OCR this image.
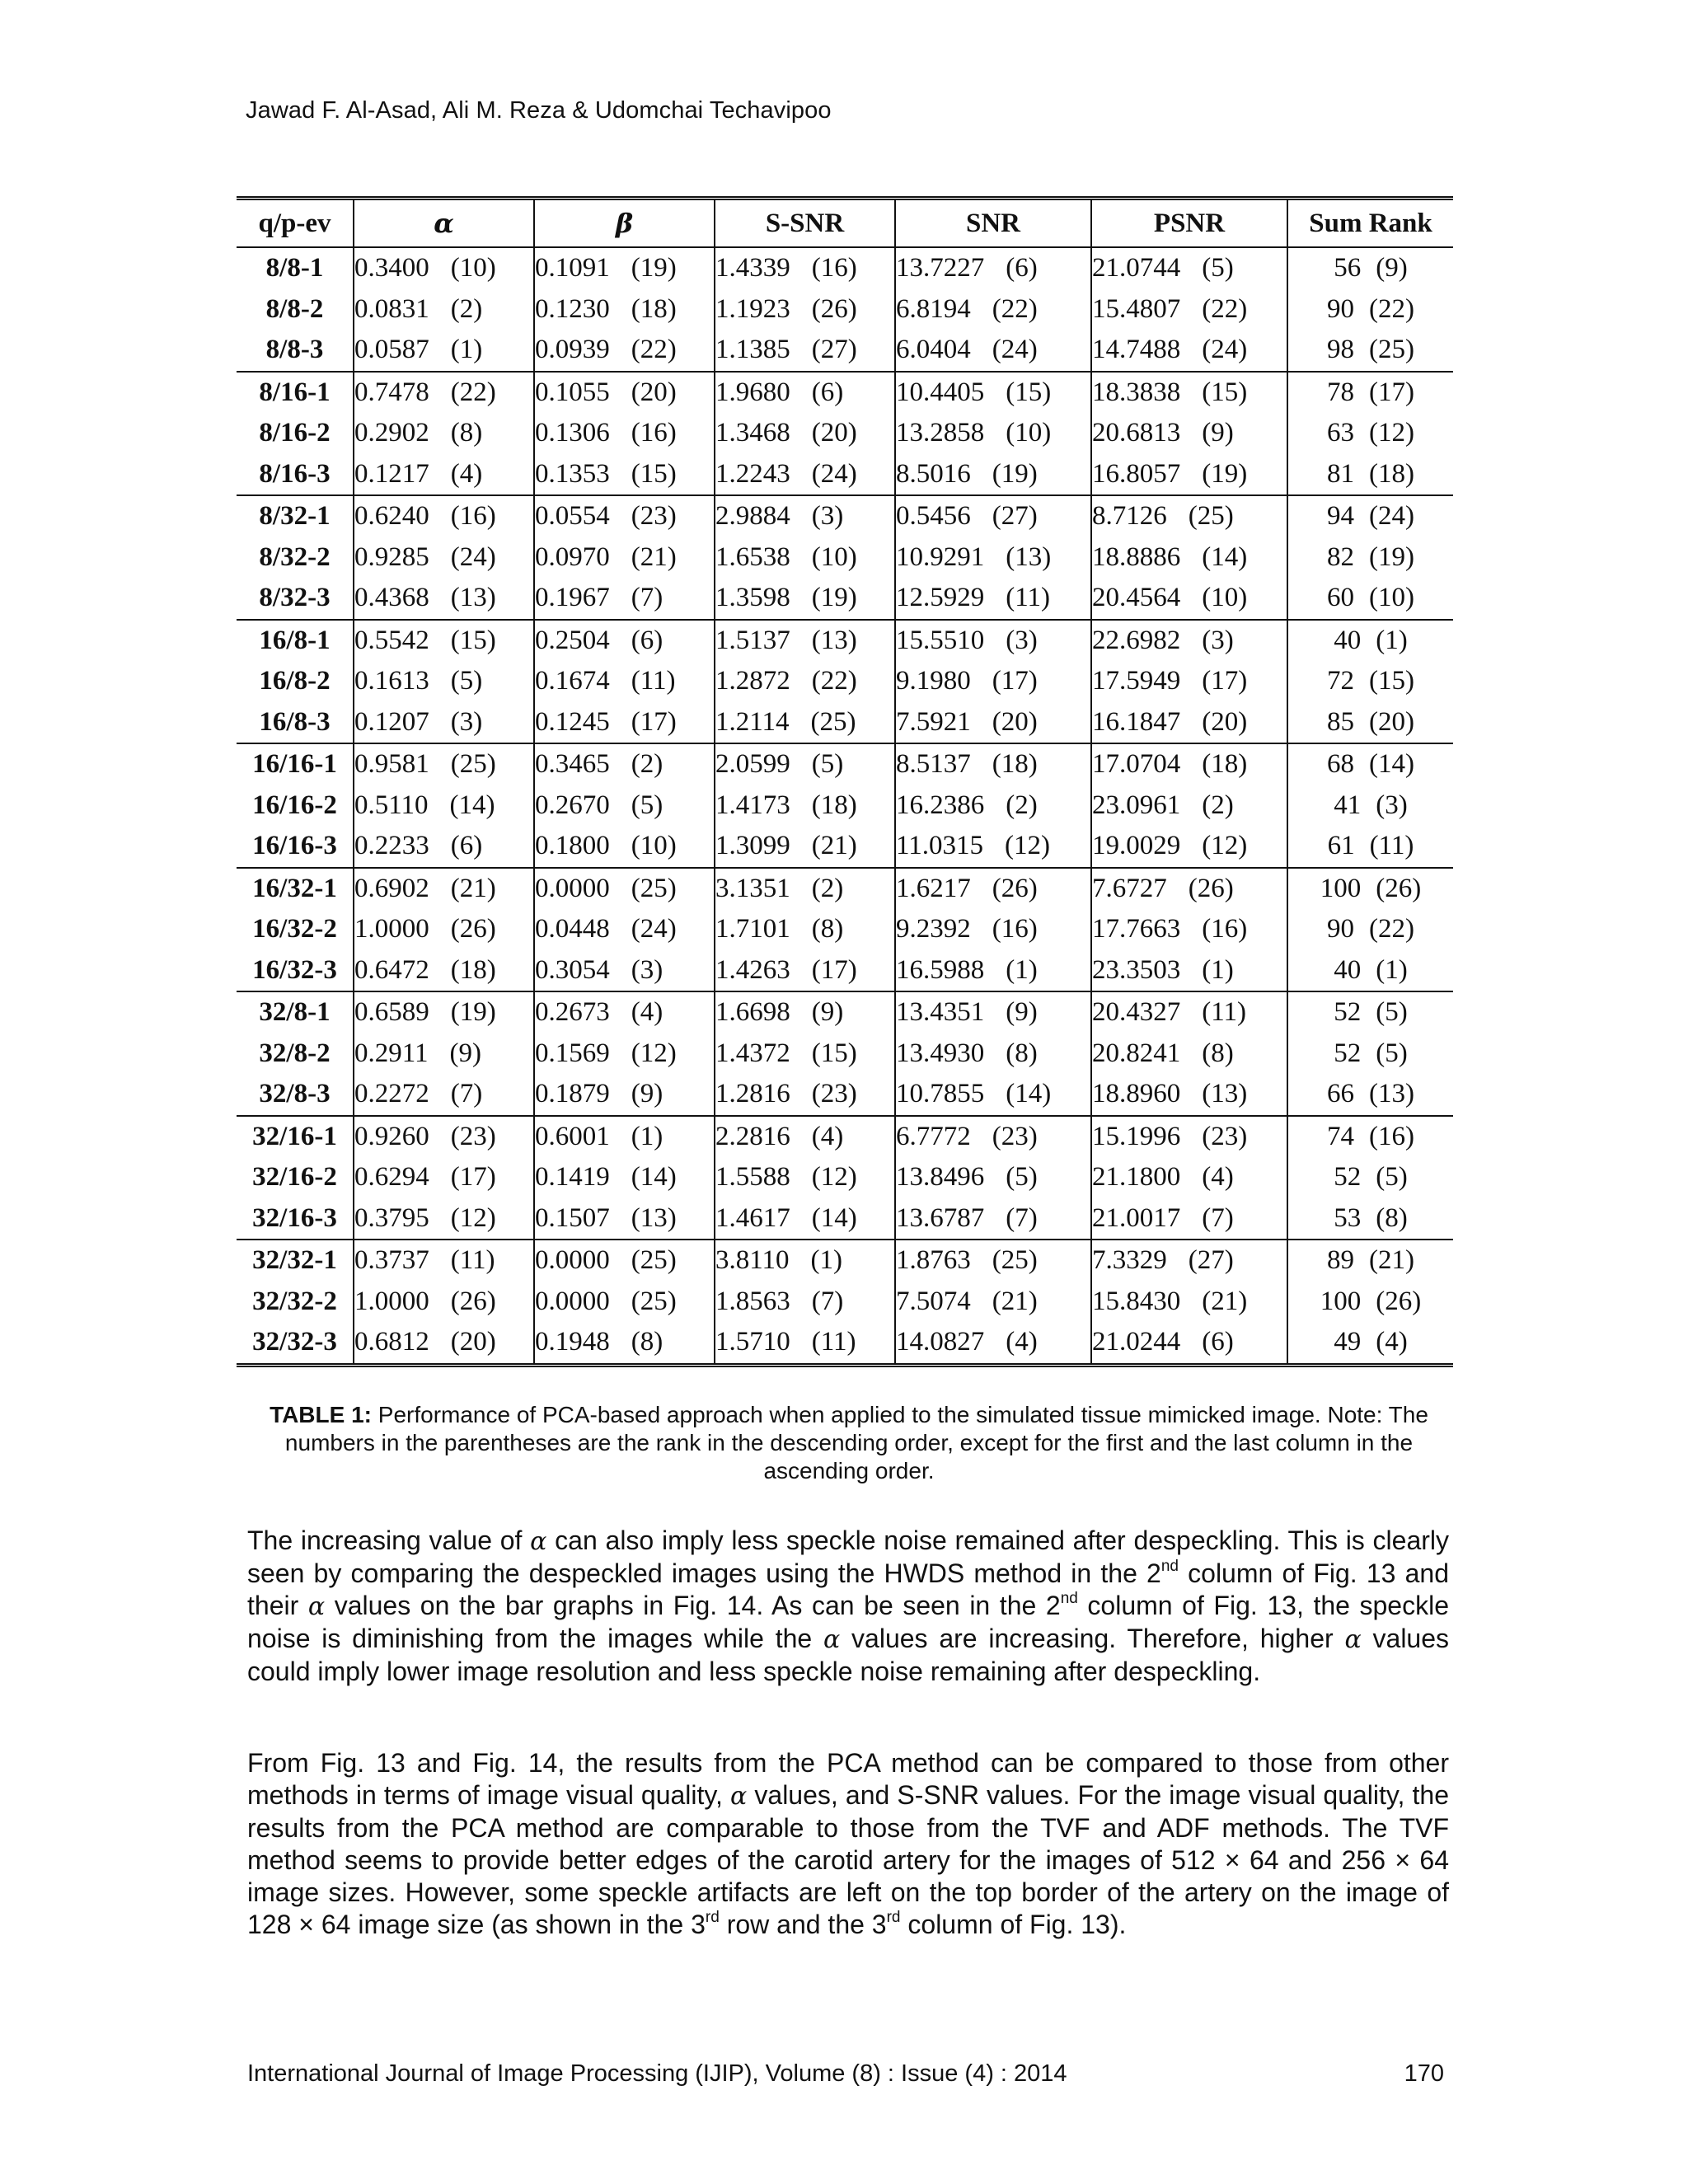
Jawad F. Al-Asad, Ali M. Reza & Udomchai Techavipoo
q/p-ev	α	β	S-SNR	SNR	PSNR	Sum Rank
8/8-1	0.3400 (10)	0.1091 (19)	1.4339 (16)	13.7227 (6)	21.0744 (5)	56 (9)
8/8-2	0.0831 (2)	0.1230 (18)	1.1923 (26)	6.8194 (22)	15.4807 (22)	90 (22)
8/8-3	0.0587 (1)	0.0939 (22)	1.1385 (27)	6.0404 (24)	14.7488 (24)	98 (25)
8/16-1	0.7478 (22)	0.1055 (20)	1.9680 (6)	10.4405 (15)	18.3838 (15)	78 (17)
8/16-2	0.2902 (8)	0.1306 (16)	1.3468 (20)	13.2858 (10)	20.6813 (9)	63 (12)
8/16-3	0.1217 (4)	0.1353 (15)	1.2243 (24)	8.5016 (19)	16.8057 (19)	81 (18)
8/32-1	0.6240 (16)	0.0554 (23)	2.9884 (3)	0.5456 (27)	8.7126 (25)	94 (24)
8/32-2	0.9285 (24)	0.0970 (21)	1.6538 (10)	10.9291 (13)	18.8886 (14)	82 (19)
8/32-3	0.4368 (13)	0.1967 (7)	1.3598 (19)	12.5929 (11)	20.4564 (10)	60 (10)
16/8-1	0.5542 (15)	0.2504 (6)	1.5137 (13)	15.5510 (3)	22.6982 (3)	40 (1)
16/8-2	0.1613 (5)	0.1674 (11)	1.2872 (22)	9.1980 (17)	17.5949 (17)	72 (15)
16/8-3	0.1207 (3)	0.1245 (17)	1.2114 (25)	7.5921 (20)	16.1847 (20)	85 (20)
16/16-1	0.9581 (25)	0.3465 (2)	2.0599 (5)	8.5137 (18)	17.0704 (18)	68 (14)
16/16-2	0.5110 (14)	0.2670 (5)	1.4173 (18)	16.2386 (2)	23.0961 (2)	41 (3)
16/16-3	0.2233 (6)	0.1800 (10)	1.3099 (21)	11.0315 (12)	19.0029 (12)	61 (11)
16/32-1	0.6902 (21)	0.0000 (25)	3.1351 (2)	1.6217 (26)	7.6727 (26)	100 (26)
16/32-2	1.0000 (26)	0.0448 (24)	1.7101 (8)	9.2392 (16)	17.7663 (16)	90 (22)
16/32-3	0.6472 (18)	0.3054 (3)	1.4263 (17)	16.5988 (1)	23.3503 (1)	40 (1)
32/8-1	0.6589 (19)	0.2673 (4)	1.6698 (9)	13.4351 (9)	20.4327 (11)	52 (5)
32/8-2	0.2911 (9)	0.1569 (12)	1.4372 (15)	13.4930 (8)	20.8241 (8)	52 (5)
32/8-3	0.2272 (7)	0.1879 (9)	1.2816 (23)	10.7855 (14)	18.8960 (13)	66 (13)
32/16-1	0.9260 (23)	0.6001 (1)	2.2816 (4)	6.7772 (23)	15.1996 (23)	74 (16)
32/16-2	0.6294 (17)	0.1419 (14)	1.5588 (12)	13.8496 (5)	21.1800 (4)	52 (5)
32/16-3	0.3795 (12)	0.1507 (13)	1.4617 (14)	13.6787 (7)	21.0017 (7)	53 (8)
32/32-1	0.3737 (11)	0.0000 (25)	3.8110 (1)	1.8763 (25)	7.3329 (27)	89 (21)
32/32-2	1.0000 (26)	0.0000 (25)	1.8563 (7)	7.5074 (21)	15.8430 (21)	100 (26)
32/32-3	0.6812 (20)	0.1948 (8)	1.5710 (11)	14.0827 (4)	21.0244 (6)	49 (4)
TABLE 1: Performance of PCA-based approach when applied to the simulated tissue mimicked image. Note: The numbers in the parentheses are the rank in the descending order, except for the first and the last column in the ascending order.

The increasing value of α can also imply less speckle noise remained after despeckling. This is clearly seen by comparing the despeckled images using the HWDS method in the 2nd column of Fig. 13 and their α values on the bar graphs in Fig. 14. As can be seen in the 2nd column of Fig. 13, the speckle noise is diminishing from the images while the α values are increasing. Therefore, higher α values could imply lower image resolution and less speckle noise remaining after despeckling.

From Fig. 13 and Fig. 14, the results from the PCA method can be compared to those from other methods in terms of image visual quality, α values, and S-SNR values. For the image visual quality, the results from the PCA method are comparable to those from the TVF and ADF methods. The TVF method seems to provide better edges of the carotid artery for the images of 512 × 64 and 256 × 64 image sizes. However, some speckle artifacts are left on the top border of the artery on the image of 128 × 64 image size (as shown in the 3rd row and the 3rd column of Fig. 13).

International Journal of Image Processing (IJIP), Volume (8) : Issue (4) : 2014	170
